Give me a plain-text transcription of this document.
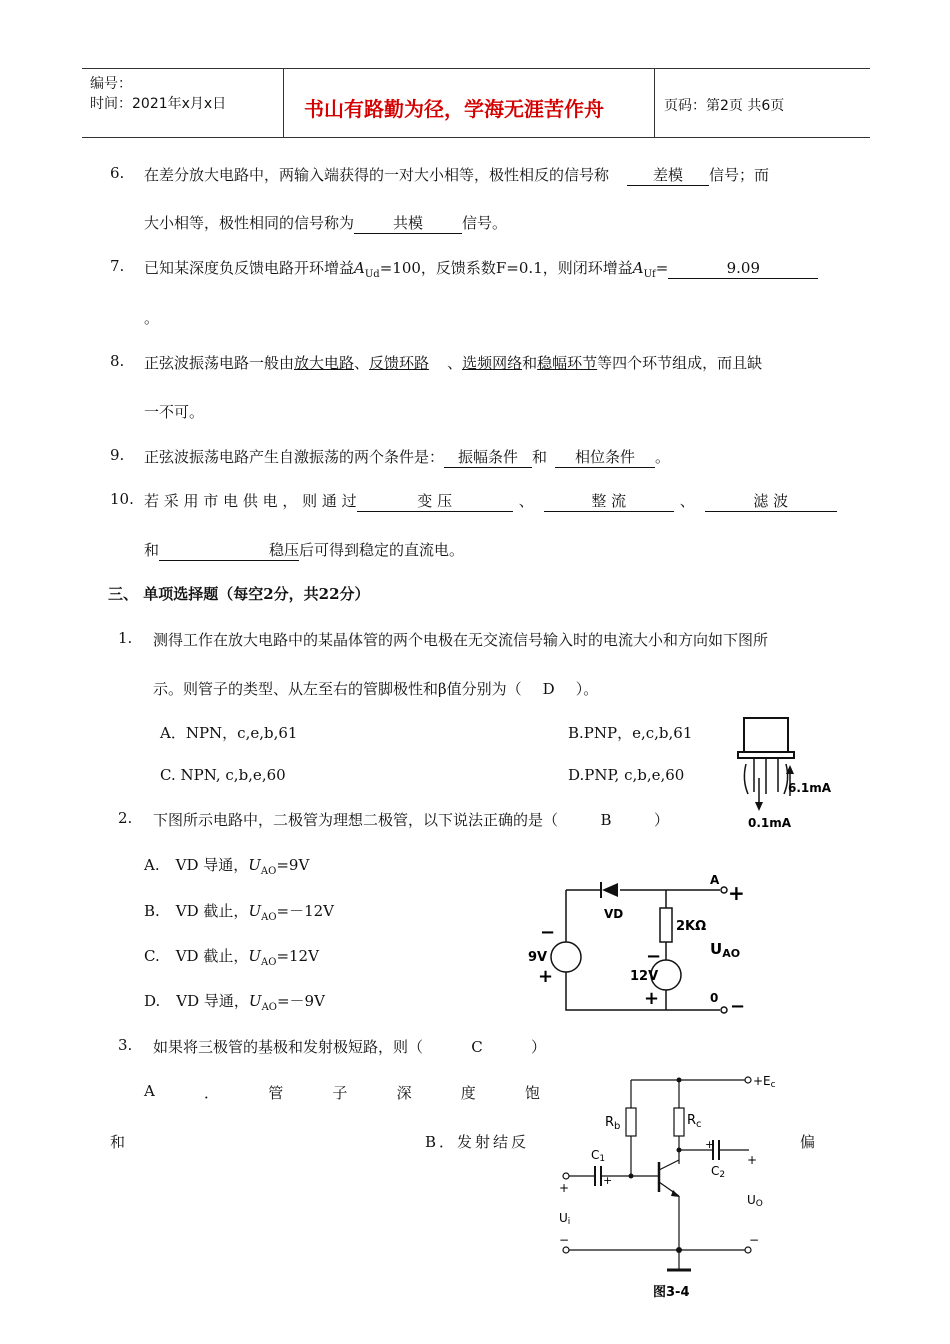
编号：
时间：2021年x月x日	书山有路勤为径，学海无涯苦作舟	页码：第2页 共6页
6. 在差分放大电路中，两输入端获得的一对大小相等，极性相反的信号称	差模 信号；而
大小相等，极性相同的信号称为	共模	信号。
7. 已知某深度负反馈电路开环增益$A_{Ud}=100$，反馈系数F=0.1，则闭环增益$A_{Uf}=$	9.09
。
8. 正弦波振荡电路一般由放大电路、反馈环路 、选频网络和稳幅环节等四个环节组成，而且缺
一不可。
9. 正弦波振荡电路产生自激振荡的两个条件是： 振幅条件 和 相位条件 。
10. 若 采 用 市 电 供 电 ， 则 通 过	变 压	、	整 流	、	滤 波
和	稳压后可得到稳定的直流电。
三、 单项选择题（每空2分，共22分）
1. 测得工作在放大电路中的某晶体管的两个电极在无交流信号输入时的电流大小和方向如下图所
示。则管子的类型、从左至右的管脚极性和β值分别为（ D ）。
A．NPN，c,e,b,61	B.PNP，e,c,b,61
C. NPN, c,b,e,60	D.PNP, c,b,e,60
6.1mA
0.1mA
2. 下图所示电路中，二极管为理想二极管，以下说法正确的是（	B	）
A. VD 导通，$U_{AO}=9V$
B. VD 截止，$U_{AO}=-12V$
C. VD 截止，$U_{AO}=12V$
D. VD 导通，$U_{AO}=-9V$
VD
2KΩ
9V
12V
$U_{AO}$
A
0
+
−
−
+
−
+
3. 如果将三极管的基极和发射极短路，则（	C	）
A	．	管	子	深	度	饱
和	B．发射结反	偏
+Ec
$R_b$	$R_c$
C1
C2
Ui
UO
+
+
+
+
−	−
图3-4
